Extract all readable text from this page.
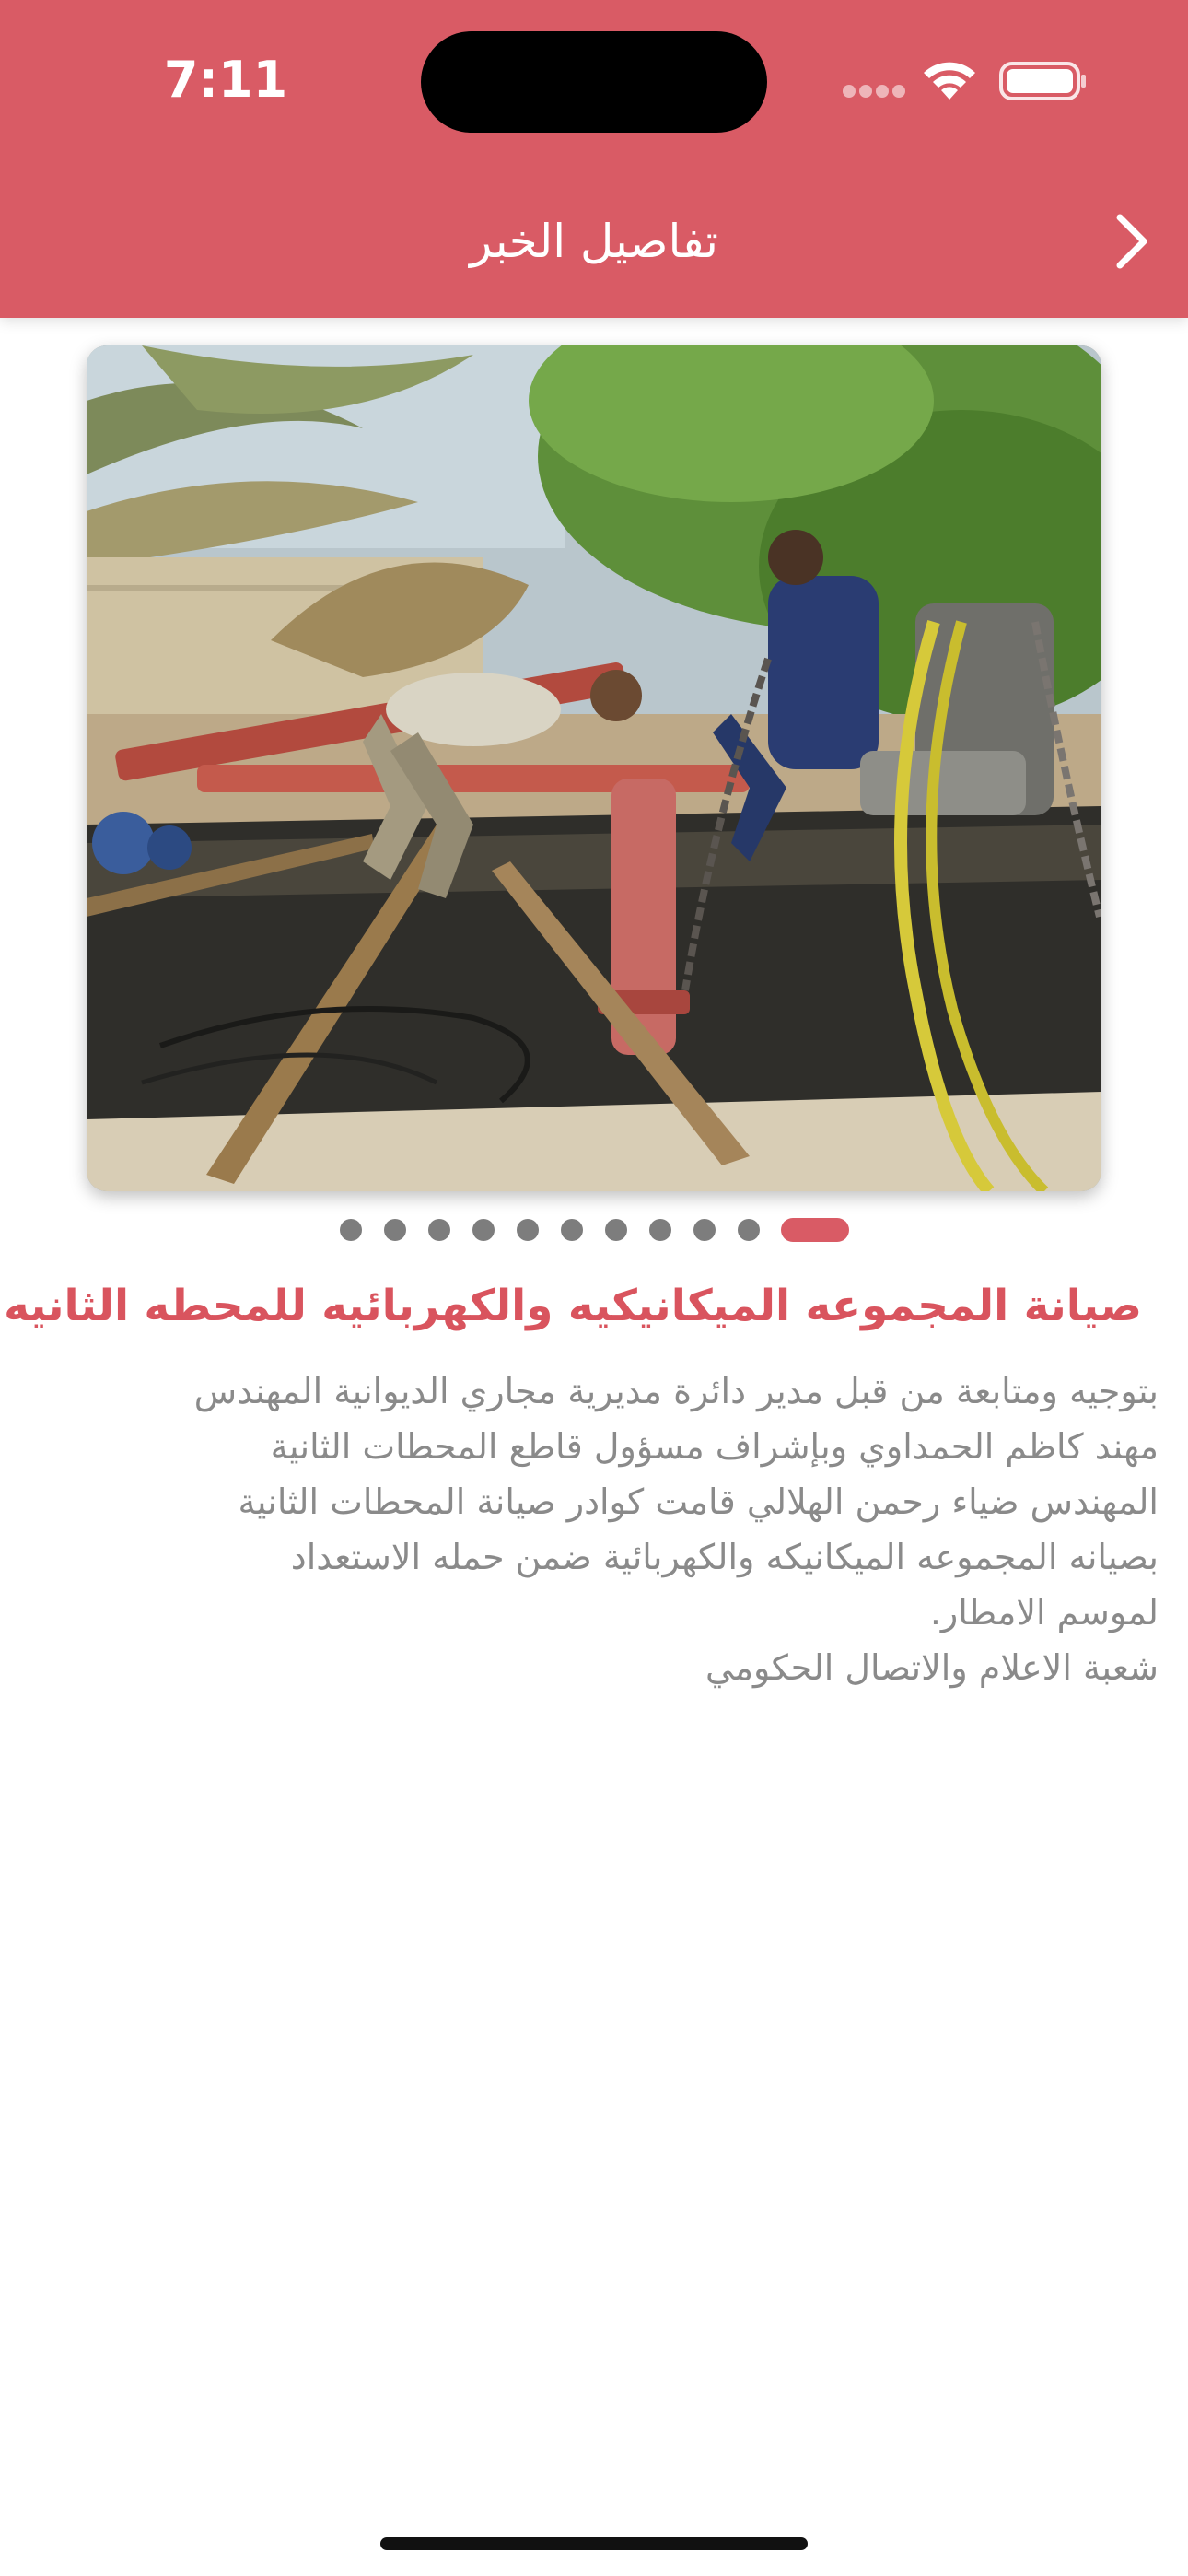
7:11
تفاصيل الخبر
صيانة المجموعه الميكانيكيه والكهربائيه للمحطه الثانيه
بتوجيه ومتابعة من قبل مدير دائرة مديرية مجاري الديوانية المهندس
مهند كاظم الحمداوي وبإشراف مسؤول قاطع المحطات الثانية
المهندس ضياء رحمن الهلالي قامت كوادر صيانة المحطات الثانية
بصيانه المجموعه الميكانيكه والكهربائية ضمن حمله الاستعداد
لموسم الامطار.
شعبة الاعلام والاتصال الحكومي
